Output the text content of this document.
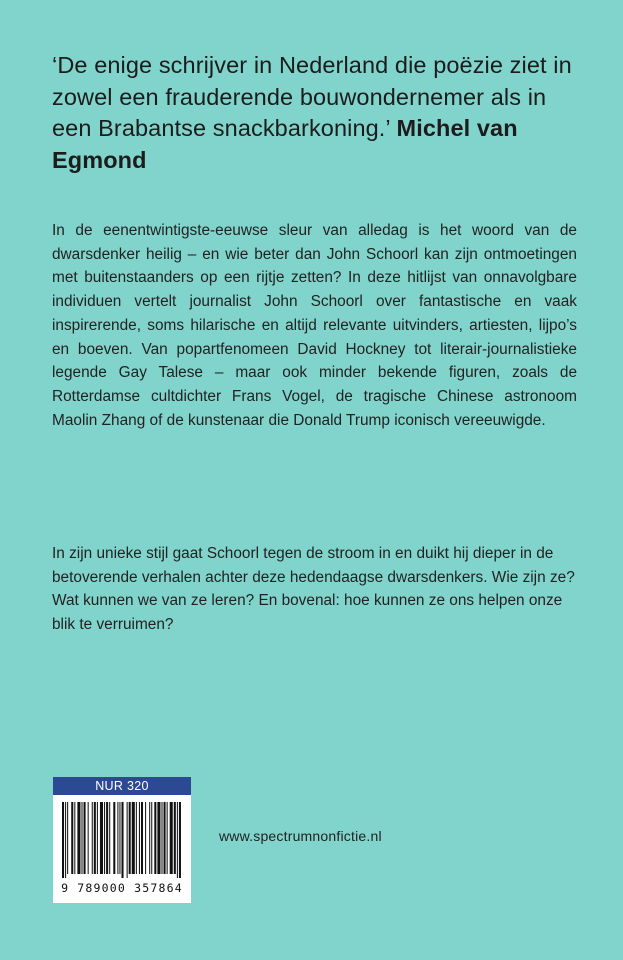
‘De enige schrijver in Nederland die poëzie ziet in zowel een frauderende bouwondernemer als in een Brabantse snackbarkoning.’ Michel van Egmond

In de eenentwintigste-eeuwse sleur van alledag is het woord van de dwarsdenker heilig – en wie beter dan John Schoorl kan zijn ontmoetingen met buitenstaanders op een rijtje zetten? In deze hitlijst van onnavolgbare individuen vertelt journalist John Schoorl over fantastische en vaak inspirerende, soms hilarische en altijd relevante uitvinders, artiesten, lijpo’s en boeven. Van popartfenomeen David Hockney tot literair-journalistieke legende Gay Talese – maar ook minder bekende figuren, zoals de Rotterdamse cultdichter Frans Vogel, de tragische Chinese astronoom Maolin Zhang of de kunstenaar die Donald Trump iconisch vereeuwigde.

In zijn unieke stijl gaat Schoorl tegen de stroom in en duikt hij dieper in de betoverende verhalen achter deze hedendaagse dwarsdenkers. Wie zijn ze? Wat kunnen we van ze leren? En bovenal: hoe kunnen ze ons helpen onze blik te verruimen?

NUR 320
9 789000 357864
www.spectrumnonfictie.nl
